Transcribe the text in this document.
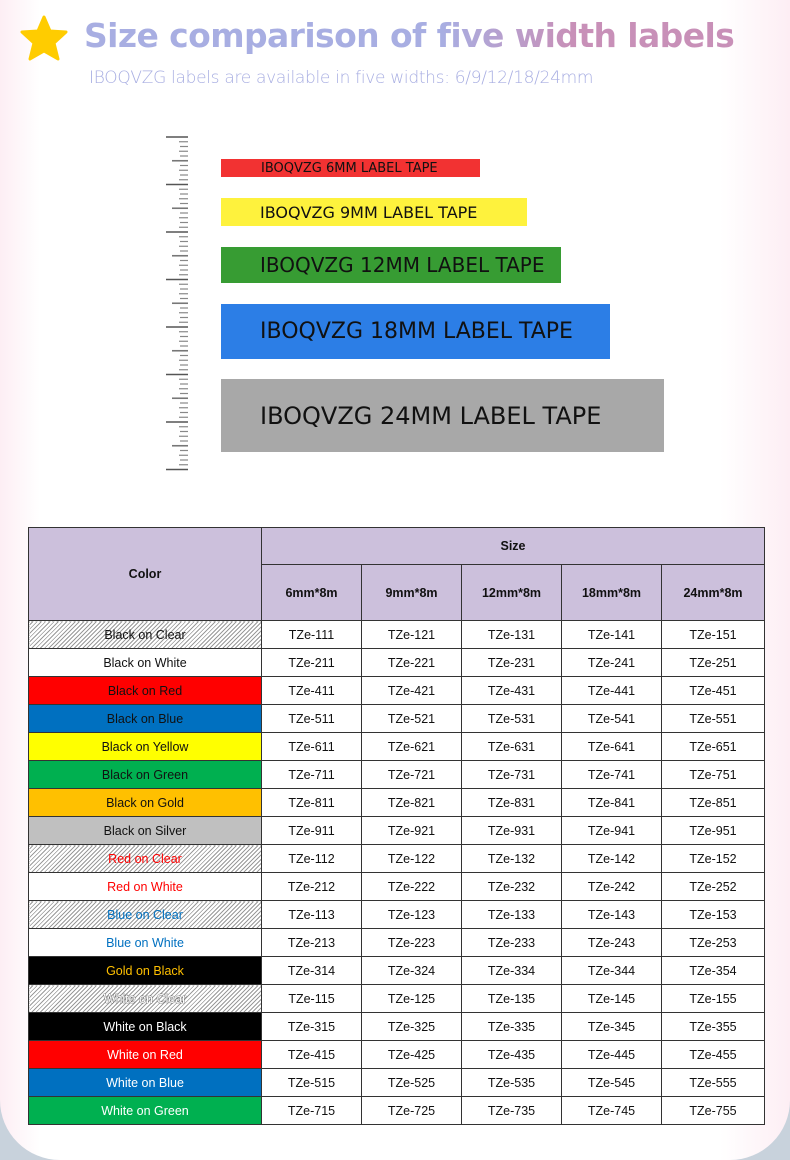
Size comparison of five width labels
IBOQVZG labels are available in five widths: 6/9/12/18/24mm
IBOQVZG 6MM LABEL TAPE
IBOQVZG 9MM LABEL TAPE
IBOQVZG 12MM LABEL TAPE
IBOQVZG 18MM LABEL TAPE
IBOQVZG 24MM LABEL TAPE
Color	Size				
	6mm*8m	9mm*8m	12mm*8m	18mm*8m	24mm*8m
Black on Clear	TZe-111	TZe-121	TZe-131	TZe-141	TZe-151
Black on White	TZe-211	TZe-221	TZe-231	TZe-241	TZe-251
Black on Red	TZe-411	TZe-421	TZe-431	TZe-441	TZe-451
Black on Blue	TZe-511	TZe-521	TZe-531	TZe-541	TZe-551
Black on Yellow	TZe-611	TZe-621	TZe-631	TZe-641	TZe-651
Black on Green	TZe-711	TZe-721	TZe-731	TZe-741	TZe-751
Black on Gold	TZe-811	TZe-821	TZe-831	TZe-841	TZe-851
Black on Silver	TZe-911	TZe-921	TZe-931	TZe-941	TZe-951
Red on Clear	TZe-112	TZe-122	TZe-132	TZe-142	TZe-152
Red on White	TZe-212	TZe-222	TZe-232	TZe-242	TZe-252
Blue on Clear	TZe-113	TZe-123	TZe-133	TZe-143	TZe-153
Blue on White	TZe-213	TZe-223	TZe-233	TZe-243	TZe-253
Gold on Black	TZe-314	TZe-324	TZe-334	TZe-344	TZe-354
White on Clear	TZe-115	TZe-125	TZe-135	TZe-145	TZe-155
White on Black	TZe-315	TZe-325	TZe-335	TZe-345	TZe-355
White on Red	TZe-415	TZe-425	TZe-435	TZe-445	TZe-455
White on Blue	TZe-515	TZe-525	TZe-535	TZe-545	TZe-555
White on Green	TZe-715	TZe-725	TZe-735	TZe-745	TZe-755
